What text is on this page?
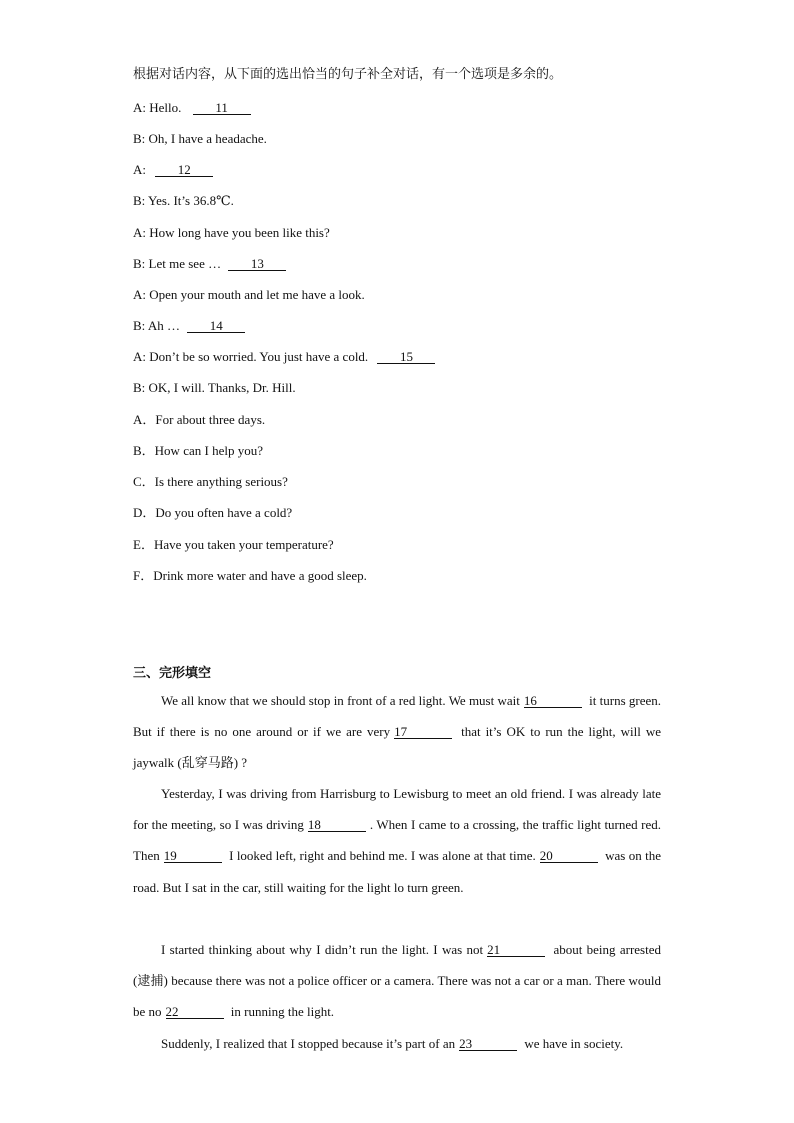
根据对话内容，从下面的选出恰当的句子补全对话，有一个选项是多余的。
A: Hello.	11
B: Oh, I have a headache.
A: 12
B: Yes. It’s 36.8℃.
A: How long have you been like this?
B: Let me see … 13
A: Open your mouth and let me have a look.
B: Ah … 14
A: Don’t be so worried. You just have a cold. 15
B: OK, I will. Thanks, Dr. Hill.
A．For about three days.
B．How can I help you?
C．Is there anything serious?
D．Do you often have a cold?
E．Have you taken your temperature?
F．Drink more water and have a good sleep.
三、完形填空
We all know that we should stop in front of a red light. We must wait 16	it turns green. But if there is no one around or if we are very 17	that it’s OK to run the light, will we jaywalk (乱穿马路) ?
Yesterday, I was driving from Harrisburg to Lewisburg to meet an old friend. I was already late for the meeting, so I was driving 18	. When I came to a crossing, the traffic light turned red. Then 19	I looked left, right and behind me. I was alone at that time. 20	was on the road. But I sat in the car, still waiting for the light lo turn green.
I started thinking about why I didn’t run the light. I was not 21	about being arrested (逮捕) because there was not a police officer or a camera. There was not a car or a man. There would be no 22	in running the light.
Suddenly, I realized that I stopped because it’s part of an 23	we have in society.
